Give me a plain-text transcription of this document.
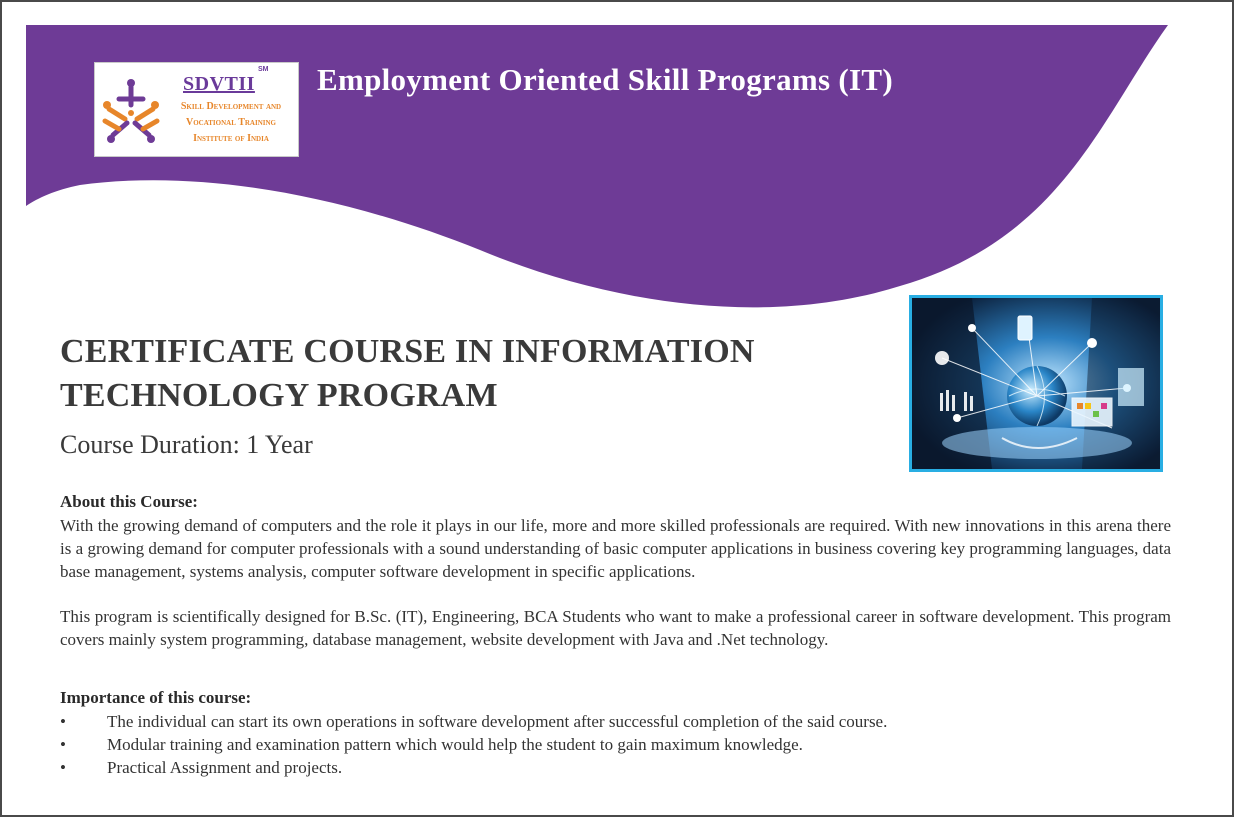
SDVTII
SM
Skill Development and
Vocational Training
Institute of India
Employment Oriented Skill Programs (IT)
CERTIFICATE COURSE IN INFORMATION
TECHNOLOGY PROGRAM
Course Duration: 1 Year
About this Course:
With the growing demand of computers and the role it plays in our life, more and more skilled professionals are required. With new innovations in this arena there is a growing demand for computer professionals with a sound understanding of basic computer applications in business covering key programming languages, data base management, systems analysis, computer software development in specific applications.
This program is scientifically designed for B.Sc. (IT), Engineering, BCA Students who want to make a professional career in software development. This program covers mainly system programming, database management, website development with Java and .Net technology.
Importance of this course:
• The individual can start its own operations in software development after successful completion of the said course.
• Modular training and examination pattern which would help the student to gain maximum knowledge.
• Practical Assignment and projects.
